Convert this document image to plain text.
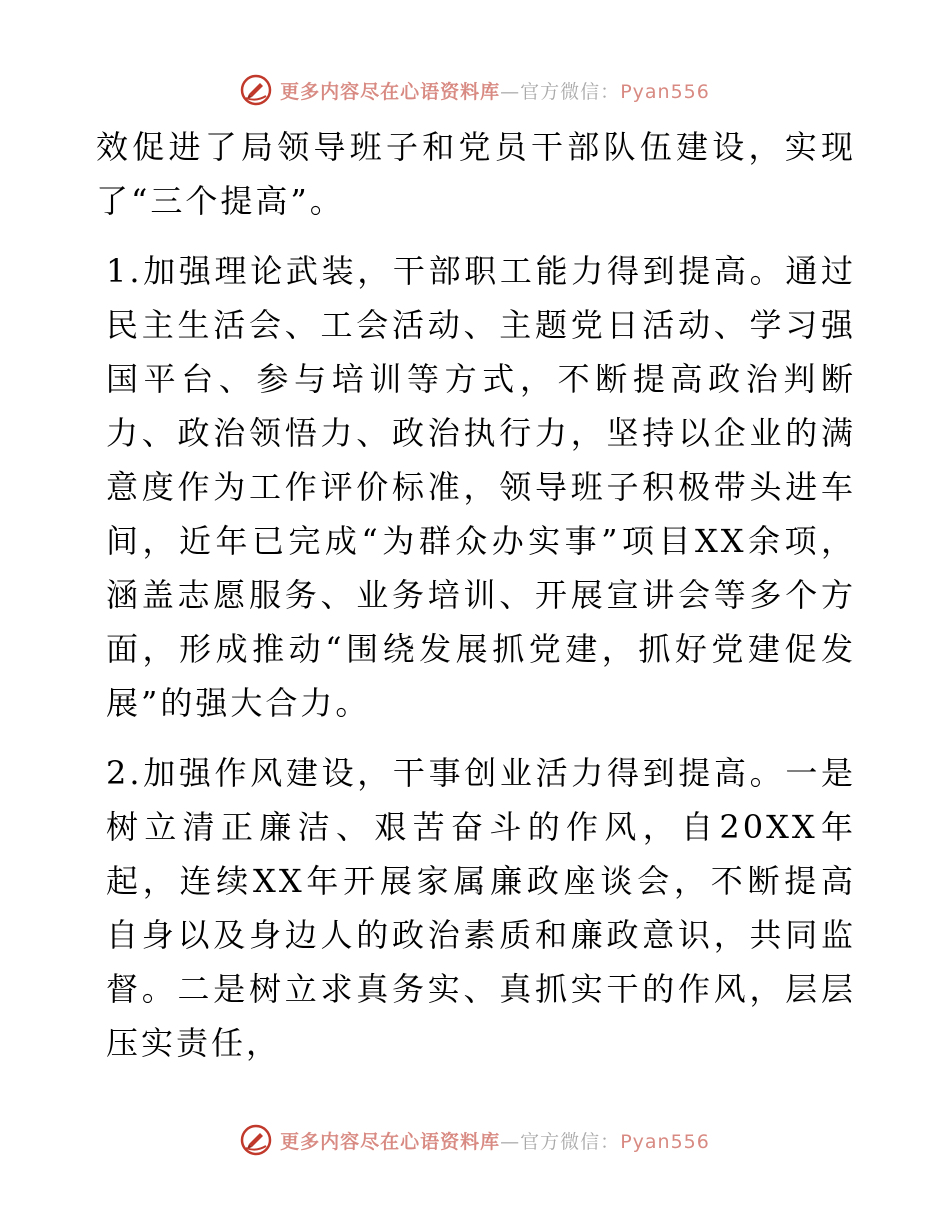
更多内容尽在心语资料库—官方微信：Pyan556

效促进了局领导班子和党员干部队伍建设，实现了“三个提高”。

1.加强理论武装，干部职工能力得到提高。通过民主生活会、工会活动、主题党日活动、学习强国平台、参与培训等方式，不断提高政治判断力、政治领悟力、政治执行力，坚持以企业的满意度作为工作评价标准，领导班子积极带头进车间，近年已完成“为群众办实事”项目XX余项，涵盖志愿服务、业务培训、开展宣讲会等多个方面，形成推动“围绕发展抓党建，抓好党建促发展”的强大合力。

2.加强作风建设，干事创业活力得到提高。一是树立清正廉洁、艰苦奋斗的作风，自20XX年起，连续XX年开展家属廉政座谈会，不断提高自身以及身边人的政治素质和廉政意识，共同监督。二是树立求真务实、真抓实干的作风，层层压实责任，

更多内容尽在心语资料库—官方微信：Pyan556
